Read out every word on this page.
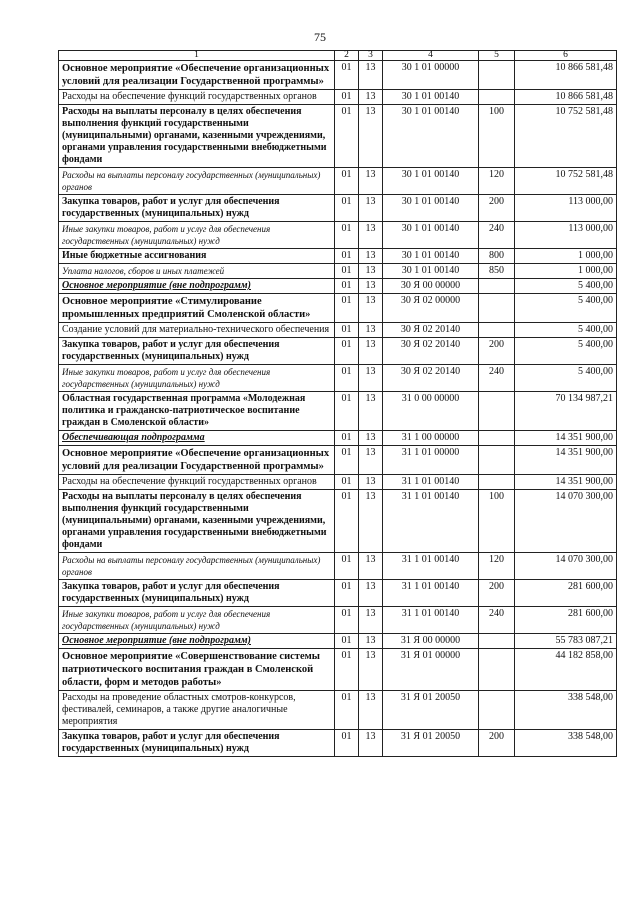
75
1	2	3	4	5	6
Основное мероприятие «Обеспечение организационных условий для реализации Государственной программы»	01	13	30 1 01 00000		10 866 581,48
Расходы на обеспечение функций государственных органов	01	13	30 1 01 00140		10 866 581,48
Расходы на выплаты персоналу в целях обеспечения выполнения функций государственными (муниципальными) органами, казенными учреждениями, органами управления государственными внебюджетными фондами	01	13	30 1 01 00140	100	10 752 581,48
Расходы на выплаты персоналу государственных (муниципальных) органов	01	13	30 1 01 00140	120	10 752 581,48
Закупка товаров, работ и услуг для обеспечения государственных (муниципальных) нужд	01	13	30 1 01 00140	200	113 000,00
Иные закупки товаров, работ и услуг для обеспечения государственных (муниципальных) нужд	01	13	30 1 01 00140	240	113 000,00
Иные бюджетные ассигнования	01	13	30 1 01 00140	800	1 000,00
Уплата налогов, сборов и иных платежей	01	13	30 1 01 00140	850	1 000,00
Основное мероприятие (вне подпрограмм)	01	13	30 Я 00 00000		5 400,00
Основное мероприятие «Стимулирование промышленных предприятий Смоленской области»	01	13	30 Я 02 00000		5 400,00
Создание условий для материально-технического обеспечения	01	13	30 Я 02 20140		5 400,00
Закупка товаров, работ и услуг для обеспечения государственных (муниципальных) нужд	01	13	30 Я 02 20140	200	5 400,00
Иные закупки товаров, работ и услуг для обеспечения государственных (муниципальных) нужд	01	13	30 Я 02 20140	240	5 400,00
Областная государственная программа «Молодежная политика и гражданско-патриотическое воспитание граждан в Смоленской области»	01	13	31 0 00 00000		70 134 987,21
Обеспечивающая подпрограмма	01	13	31 1 00 00000		14 351 900,00
Основное мероприятие «Обеспечение организационных условий для реализации Государственной программы»	01	13	31 1 01 00000		14 351 900,00
Расходы на обеспечение функций государственных органов	01	13	31 1 01 00140		14 351 900,00
Расходы на выплаты персоналу в целях обеспечения выполнения функций государственными (муниципальными) органами, казенными учреждениями, органами управления государственными внебюджетными фондами	01	13	31 1 01 00140	100	14 070 300,00
Расходы на выплаты персоналу государственных (муниципальных) органов	01	13	31 1 01 00140	120	14 070 300,00
Закупка товаров, работ и услуг для обеспечения государственных (муниципальных) нужд	01	13	31 1 01 00140	200	281 600,00
Иные закупки товаров, работ и услуг для обеспечения государственных (муниципальных) нужд	01	13	31 1 01 00140	240	281 600,00
Основное мероприятие (вне подпрограмм)	01	13	31 Я 00 00000		55 783 087,21
Основное мероприятие «Совершенствование системы патриотического воспитания граждан в Смоленской области, форм и методов работы»	01	13	31 Я 01 00000		44 182 858,00
Расходы на проведение областных смотров-конкурсов, фестивалей, семинаров, а также другие аналогичные мероприятия	01	13	31 Я 01 20050		338 548,00
Закупка товаров, работ и услуг для обеспечения государственных (муниципальных) нужд	01	13	31 Я 01 20050	200	338 548,00
